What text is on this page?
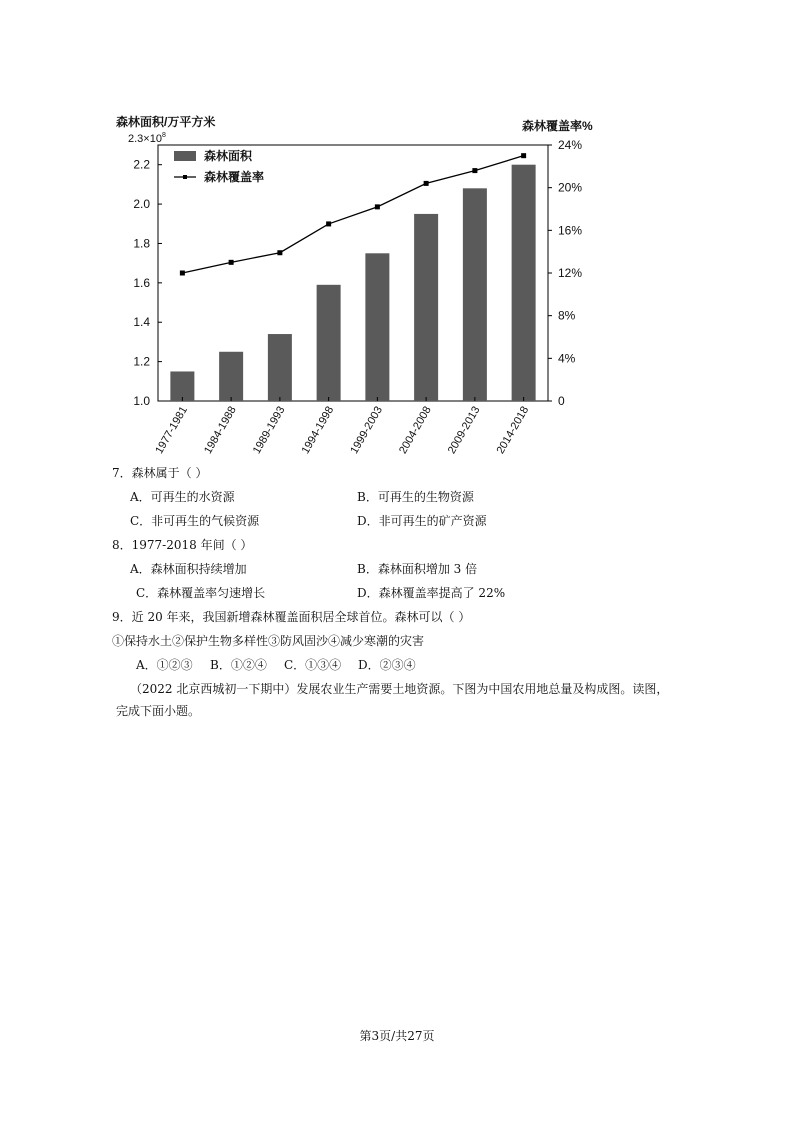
森林面积/万平方米
$2.3\times 10^8$
森林覆盖率%
1.0
1.2
1.4
1.6
1.8
2.0
2.2
0
4%
8%
12%
16%
20%
24%
1977-1981 1984-1988 1989-1993 1994-1998 1999-2003 2004-2008 2009-2013 2014-2018
森林面积
森林覆盖率
7．森林属于（ ）
A．可再生的水资源	B．可再生的生物资源
C．非可再生的气候资源	D．非可再生的矿产资源
8．1977-2018 年间（ ）
A．森林面积持续增加	B．森林面积增加 3 倍
C．森林覆盖率匀速增长	D．森林覆盖率提高了 22%
9．近 20 年来，我国新增森林覆盖面积居全球首位。森林可以（ ）
①保持水土②保护生物多样性③防风固沙④减少寒潮的灾害
A．①②③ B．①②④ C．①③④ D．②③④
（2022 北京西城初一下期中）发展农业生产需要土地资源。下图为中国农用地总量及构成图。读图，完成下面小题。
第3页/共27页
